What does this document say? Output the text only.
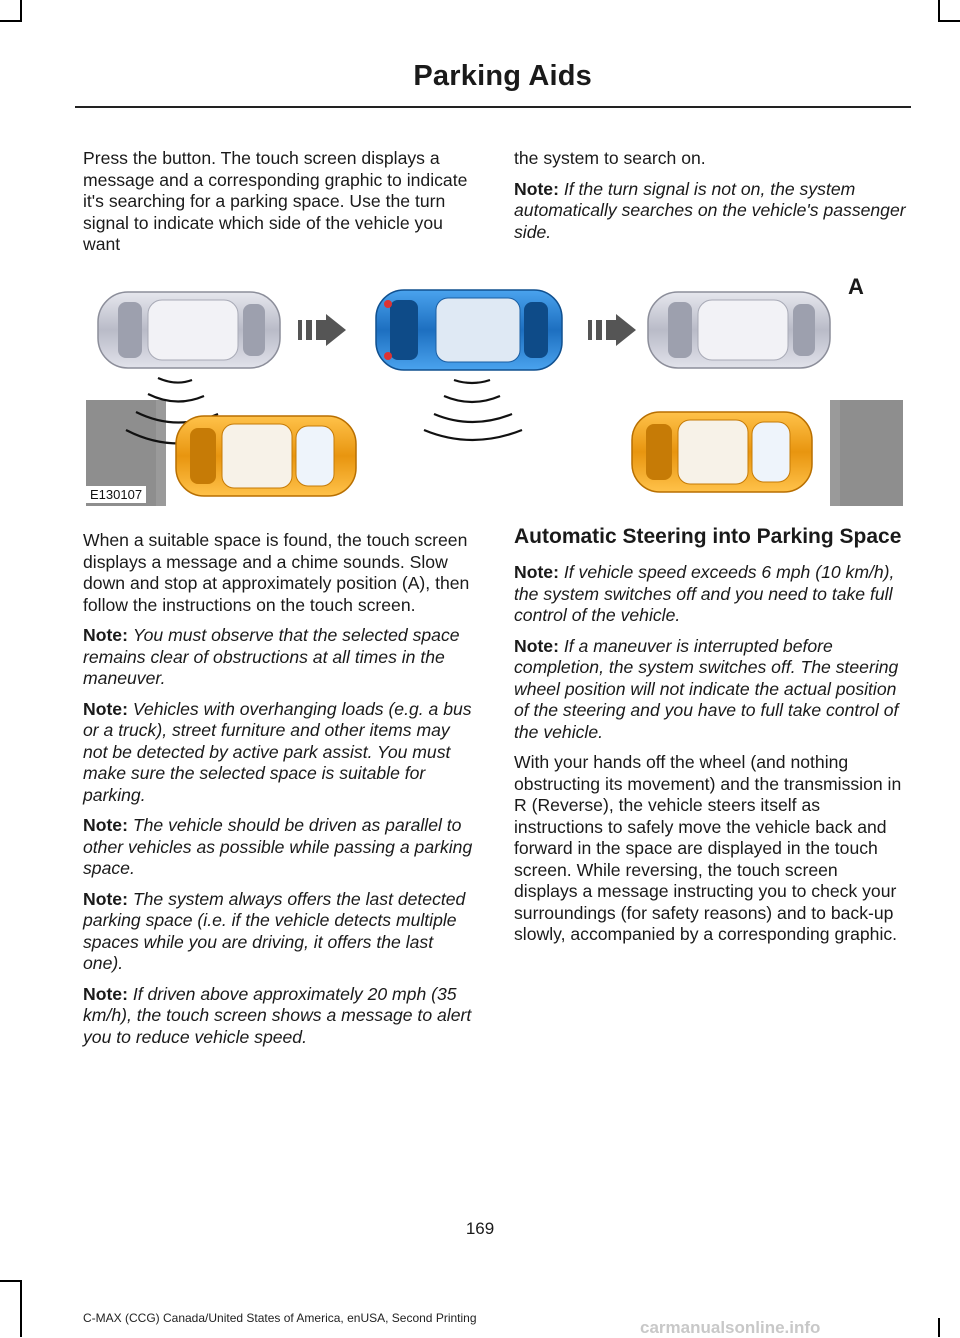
Parking Aids

Press the button. The touch screen displays a message and a corresponding graphic to indicate it's searching for a parking space. Use the turn signal to indicate which side of the vehicle you want

the system to search on.

Note: If the turn signal is not on, the system automatically searches on the vehicle's passenger side.

A
E130107

When a suitable space is found, the touch screen displays a message and a chime sounds. Slow down and stop at approximately position (A), then follow the instructions on the touch screen.

Note: You must observe that the selected space remains clear of obstructions at all times in the maneuver.

Note: Vehicles with overhanging loads (e.g. a bus or a truck), street furniture and other items may not be detected by active park assist. You must make sure the selected space is suitable for parking.

Note: The vehicle should be driven as parallel to other vehicles as possible while passing a parking space.

Note: The system always offers the last detected parking space (i.e. if the vehicle detects multiple spaces while you are driving, it offers the last one).

Note: If driven above approximately 20 mph (35 km/h), the touch screen shows a message to alert you to reduce vehicle speed.

Automatic Steering into Parking Space

Note: If vehicle speed exceeds 6 mph (10 km/h), the system switches off and you need to take full control of the vehicle.

Note: If a maneuver is interrupted before completion, the system switches off. The steering wheel position will not indicate the actual position of the steering and you have to full take control of the vehicle.

With your hands off the wheel (and nothing obstructing its movement) and the transmission in R (Reverse), the vehicle steers itself as instructions to safely move the vehicle back and forward in the space are displayed in the touch screen. While reversing, the touch screen displays a message instructing you to check your surroundings (for safety reasons) and to back-up slowly, accompanied by a corresponding graphic.

169
C-MAX (CCG) Canada/United States of America, enUSA, Second Printing	carmanualsonline.info
